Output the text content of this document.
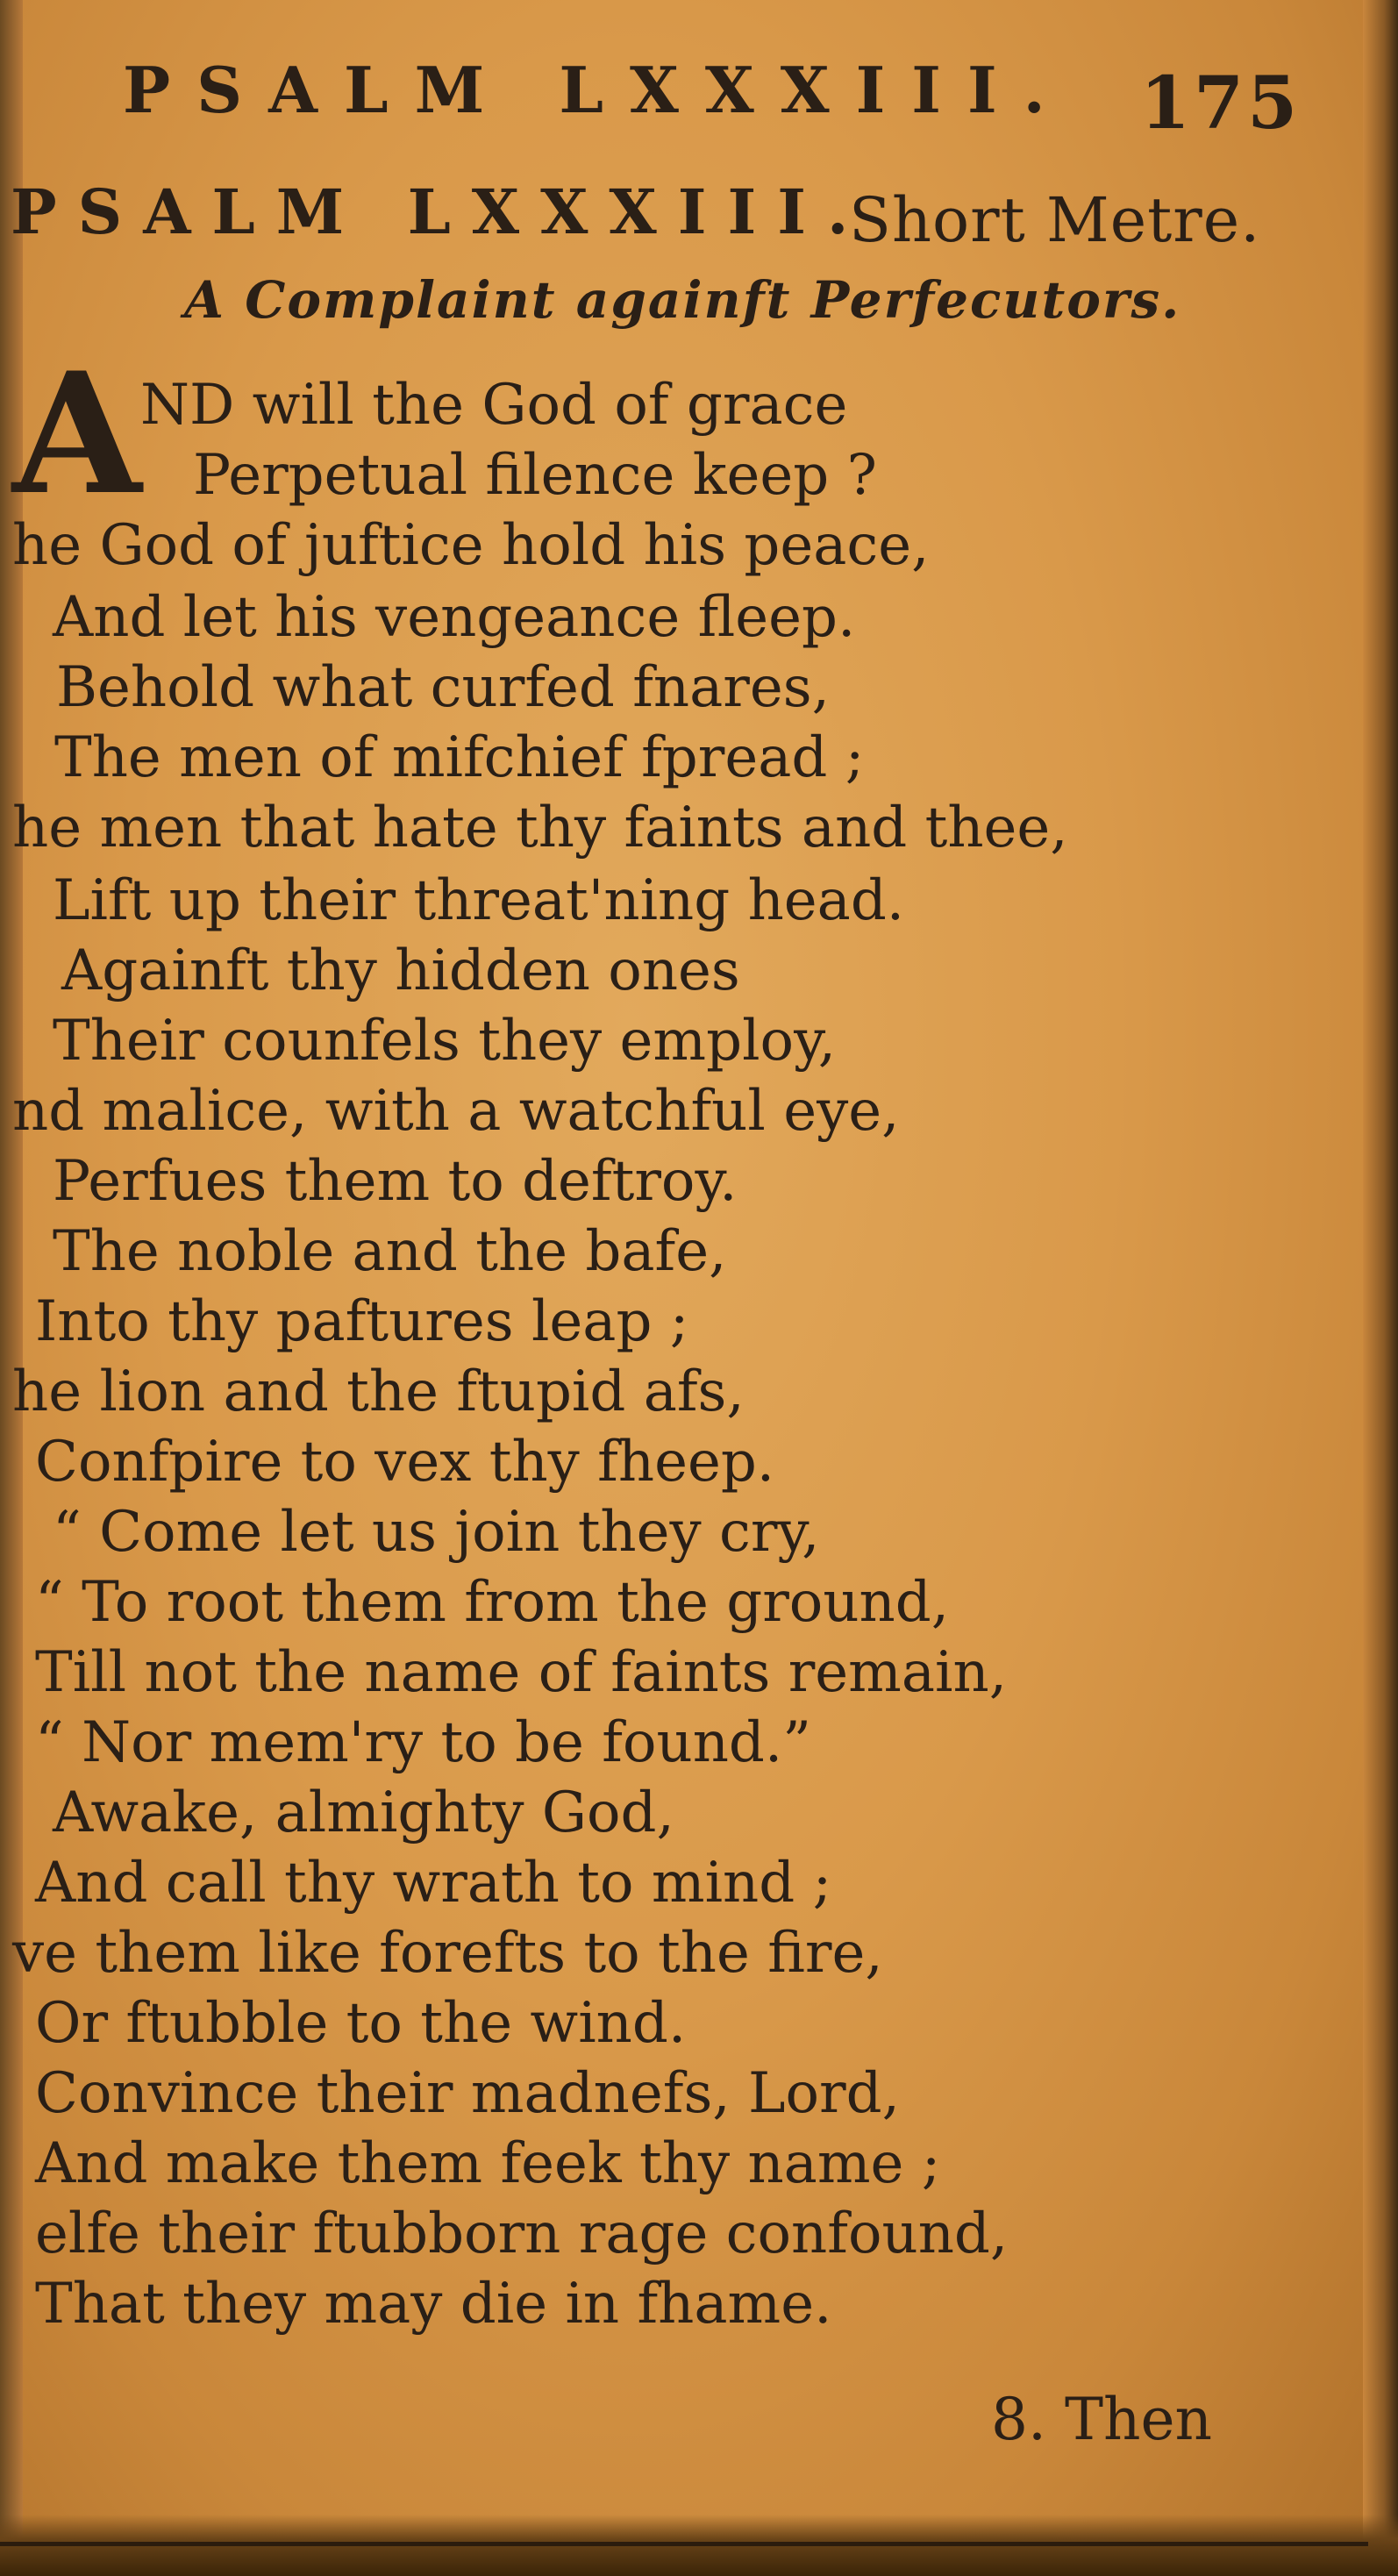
PSALM LXXXIII. 175
PSALM LXXXIII.
Short Metre.
A Complaint againft Perfecutors.
A
ND will the God of grace
Perpetual filence keep ?
he God of juftice hold his peace,
And let his vengeance fleep.
Behold what curfed fnares,
The men of mifchief fpread ;
he men that hate thy faints and thee,
Lift up their threat'ning head.
Againft thy hidden ones
Their counfels they employ,
nd malice, with a watchful eye,
Perfues them to deftroy.
The noble and the bafe,
Into thy paftures leap ;
he lion and the ftupid afs,
Confpire to vex thy fheep.
“ Come let us join they cry,
“ To root them from the ground,
Till not the name of faints remain,
“ Nor mem'ry to be found.”
Awake, almighty God,
And call thy wrath to mind ;
ve them like forefts to the fire,
Or ftubble to the wind.
Convince their madnefs, Lord,
And make them feek thy name ;
elfe their ftubborn rage confound,
That they may die in fhame.
8. Then
